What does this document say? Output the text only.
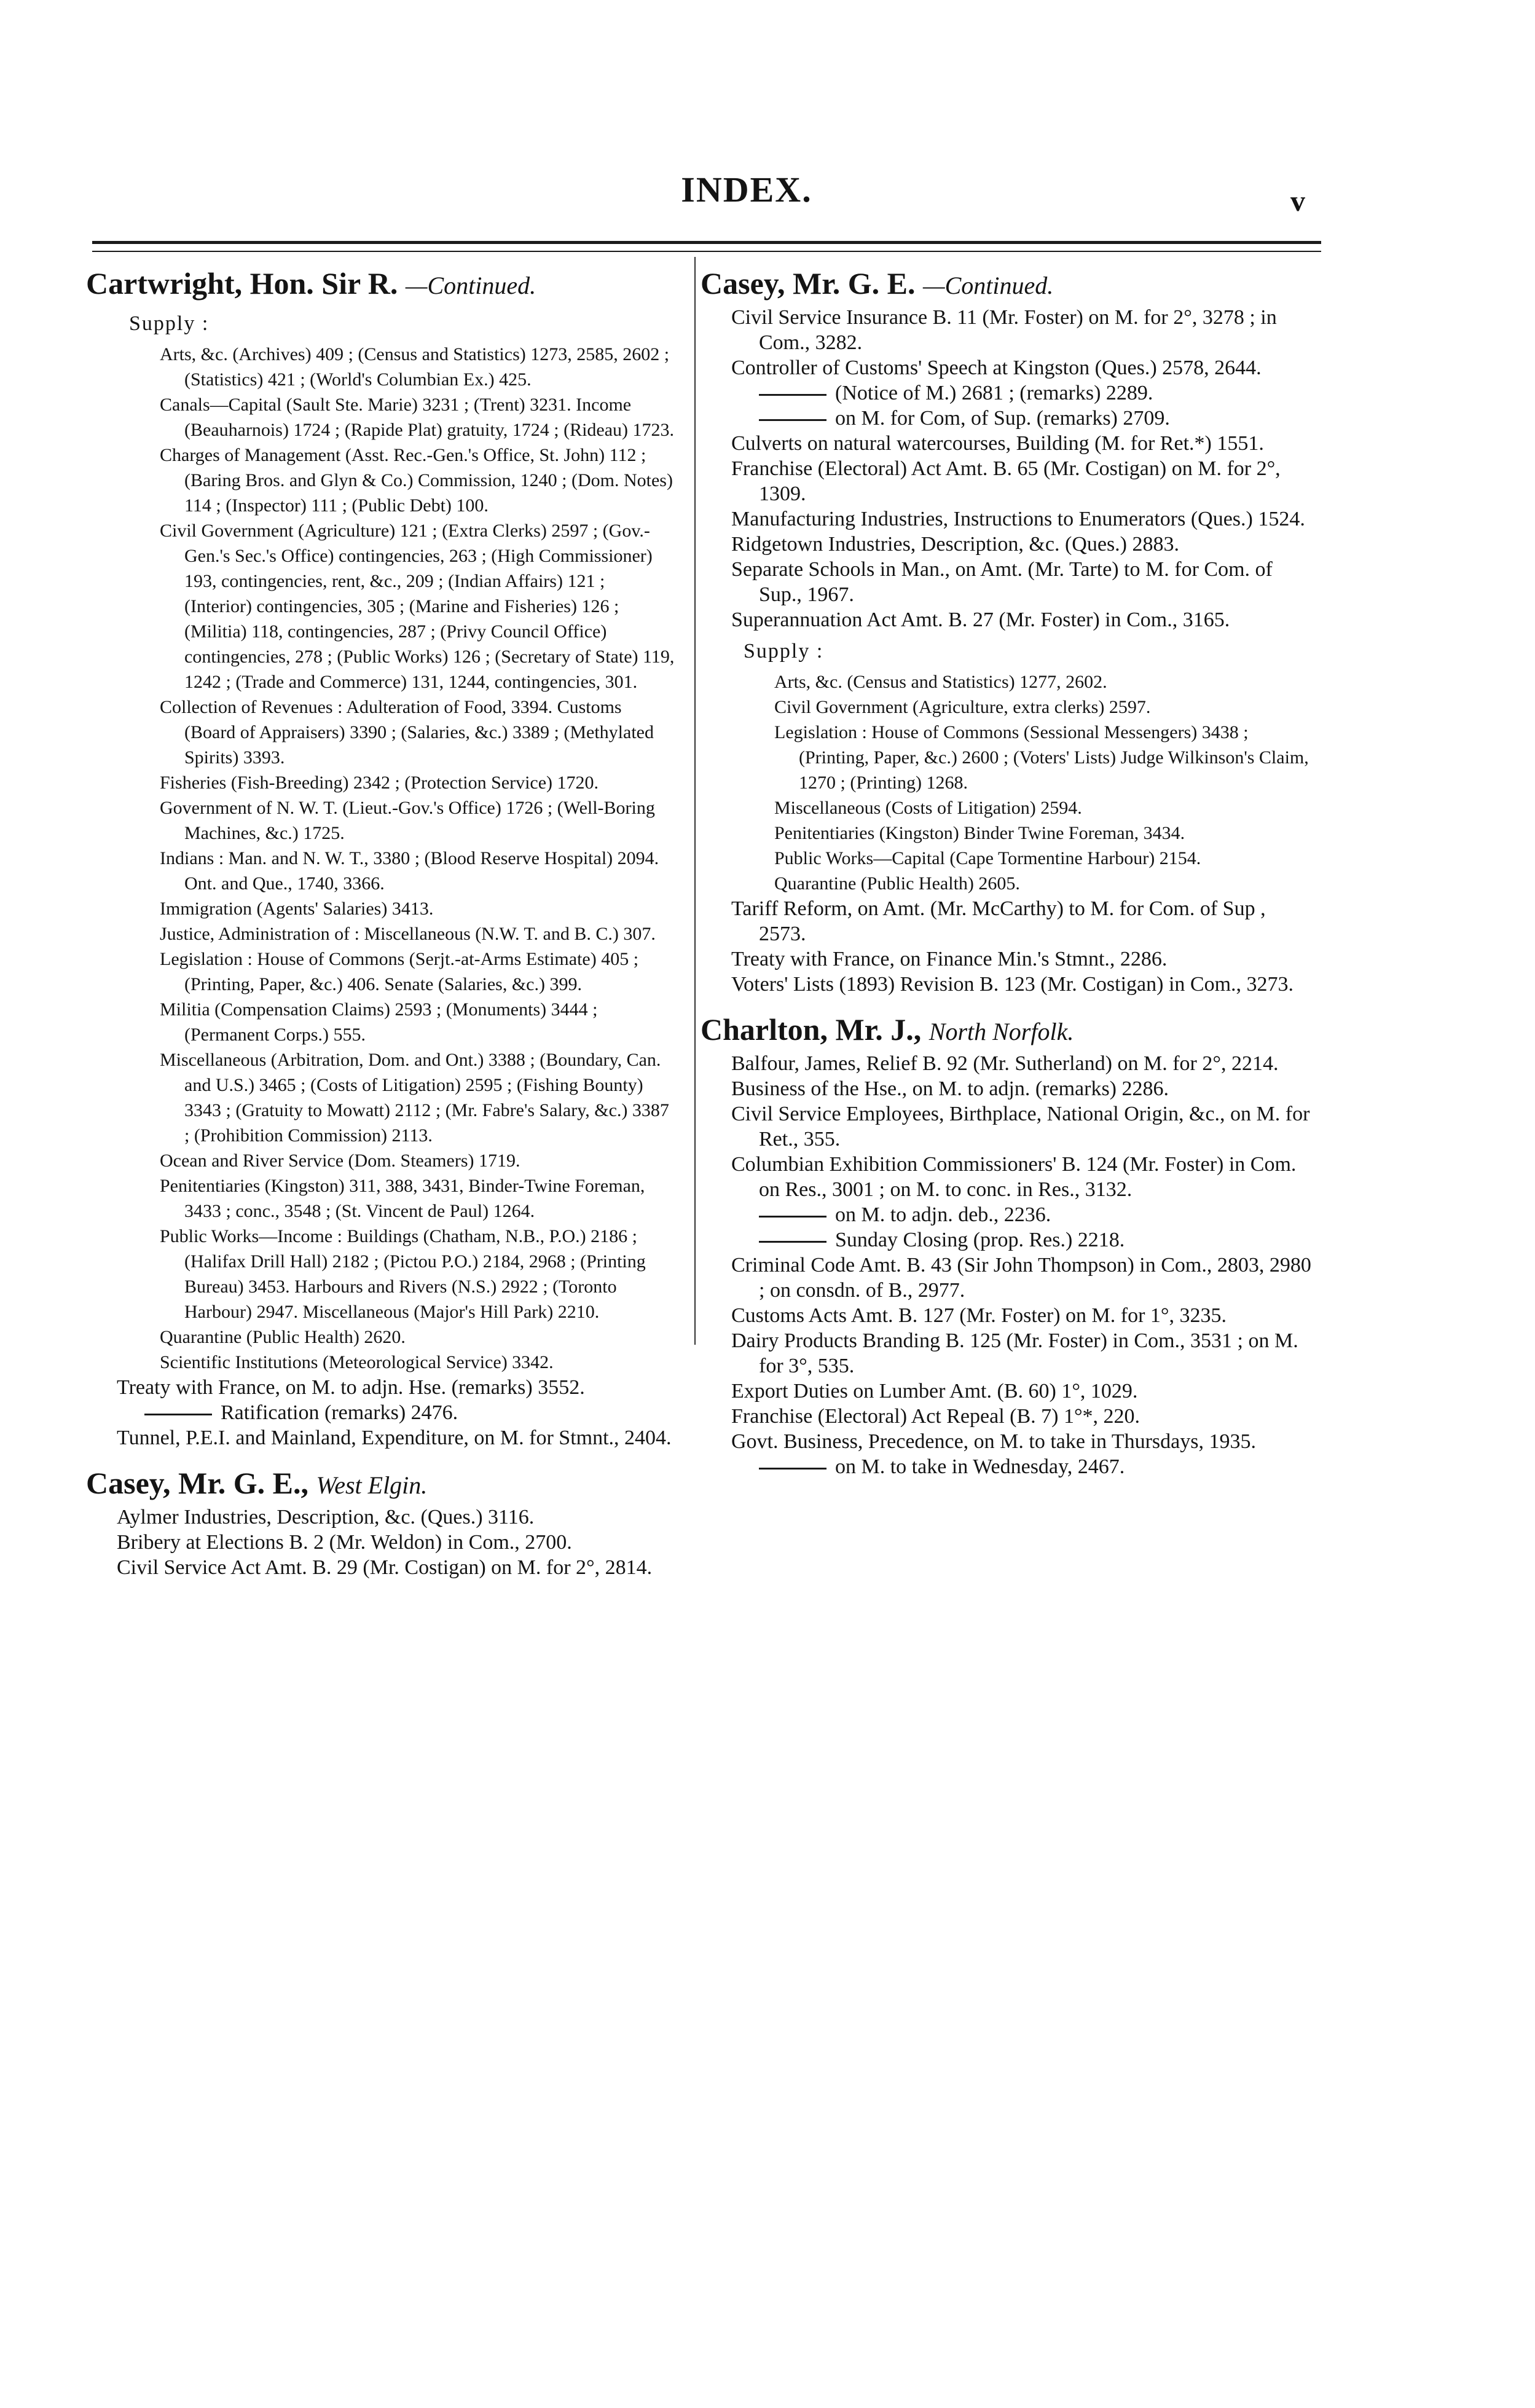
INDEX.	v
Cartwright, Hon. Sir R. —Continued.
Supply :
Arts, &c. (Archives) 409 ; (Census and Statistics) 1273, 2585, 2602 ; (Statistics) 421 ; (World's Columbian Ex.) 425.
Canals—Capital (Sault Ste. Marie) 3231 ; (Trent) 3231. Income (Beauharnois) 1724 ; (Rapide Plat) gratuity, 1724 ; (Rideau) 1723.
Charges of Management (Asst. Rec.-Gen.'s Office, St. John) 112 ; (Baring Bros. and Glyn & Co.) Commission, 1240 ; (Dom. Notes) 114 ; (Inspector) 111 ; (Public Debt) 100.
Civil Government (Agriculture) 121 ; (Extra Clerks) 2597 ; (Gov.-Gen.'s Sec.'s Office) contingencies, 263 ; (High Commissioner) 193, contingencies, rent, &c., 209 ; (Indian Affairs) 121 ; (Interior) contingencies, 305 ; (Marine and Fisheries) 126 ; (Militia) 118, contingencies, 287 ; (Privy Council Office) contingencies, 278 ; (Public Works) 126 ; (Secretary of State) 119, 1242 ; (Trade and Commerce) 131, 1244, contingencies, 301.
Collection of Revenues : Adulteration of Food, 3394. Customs (Board of Appraisers) 3390 ; (Salaries, &c.) 3389 ; (Methylated Spirits) 3393.
Fisheries (Fish-Breeding) 2342 ; (Protection Service) 1720.
Government of N. W. T. (Lieut.-Gov.'s Office) 1726 ; (Well-Boring Machines, &c.) 1725.
Indians : Man. and N. W. T., 3380 ; (Blood Reserve Hospital) 2094. Ont. and Que., 1740, 3366.
Immigration (Agents' Salaries) 3413.
Justice, Administration of : Miscellaneous (N.W. T. and B. C.) 307.
Legislation : House of Commons (Serjt.-at-Arms Estimate) 405 ; (Printing, Paper, &c.) 406. Senate (Salaries, &c.) 399.
Militia (Compensation Claims) 2593 ; (Monuments) 3444 ; (Permanent Corps.) 555.
Miscellaneous (Arbitration, Dom. and Ont.) 3388 ; (Boundary, Can. and U.S.) 3465 ; (Costs of Litigation) 2595 ; (Fishing Bounty) 3343 ; (Gratuity to Mowatt) 2112 ; (Mr. Fabre's Salary, &c.) 3387 ; (Prohibition Commission) 2113.
Ocean and River Service (Dom. Steamers) 1719.
Penitentiaries (Kingston) 311, 388, 3431, Binder-Twine Foreman, 3433 ; conc., 3548 ; (St. Vincent de Paul) 1264.
Public Works—Income : Buildings (Chatham, N.B., P.O.) 2186 ; (Halifax Drill Hall) 2182 ; (Pictou P.O.) 2184, 2968 ; (Printing Bureau) 3453. Harbours and Rivers (N.S.) 2922 ; (Toronto Harbour) 2947. Miscellaneous (Major's Hill Park) 2210.
Quarantine (Public Health) 2620.
Scientific Institutions (Meteorological Service) 3342.
Treaty with France, on M. to adjn. Hse. (remarks) 3552.
Ratification (remarks) 2476.
Tunnel, P.E.I. and Mainland, Expenditure, on M. for Stmnt., 2404.
Casey, Mr. G. E., West Elgin.
Aylmer Industries, Description, &c. (Ques.) 3116.
Bribery at Elections B. 2 (Mr. Weldon) in Com., 2700.
Civil Service Act Amt. B. 29 (Mr. Costigan) on M. for 2°, 2814.
Casey, Mr. G. E. —Continued.
Civil Service Insurance B. 11 (Mr. Foster) on M. for 2°, 3278 ; in Com., 3282.
Controller of Customs' Speech at Kingston (Ques.) 2578, 2644.
(Notice of M.) 2681 ; (remarks) 2289.
on M. for Com, of Sup. (remarks) 2709.
Culverts on natural watercourses, Building (M. for Ret.*) 1551.
Franchise (Electoral) Act Amt. B. 65 (Mr. Costigan) on M. for 2°, 1309.
Manufacturing Industries, Instructions to Enumerators (Ques.) 1524.
Ridgetown Industries, Description, &c. (Ques.) 2883.
Separate Schools in Man., on Amt. (Mr. Tarte) to M. for Com. of Sup., 1967.
Superannuation Act Amt. B. 27 (Mr. Foster) in Com., 3165.
Supply :
Arts, &c. (Census and Statistics) 1277, 2602.
Civil Government (Agriculture, extra clerks) 2597.
Legislation : House of Commons (Sessional Messengers) 3438 ; (Printing, Paper, &c.) 2600 ; (Voters' Lists) Judge Wilkinson's Claim, 1270 ; (Printing) 1268.
Miscellaneous (Costs of Litigation) 2594.
Penitentiaries (Kingston) Binder Twine Foreman, 3434.
Public Works—Capital (Cape Tormentine Harbour) 2154.
Quarantine (Public Health) 2605.
Tariff Reform, on Amt. (Mr. McCarthy) to M. for Com. of Sup , 2573.
Treaty with France, on Finance Min.'s Stmnt., 2286.
Voters' Lists (1893) Revision B. 123 (Mr. Costigan) in Com., 3273.
Charlton, Mr. J., North Norfolk.
Balfour, James, Relief B. 92 (Mr. Sutherland) on M. for 2°, 2214.
Business of the Hse., on M. to adjn. (remarks) 2286.
Civil Service Employees, Birthplace, National Origin, &c., on M. for Ret., 355.
Columbian Exhibition Commissioners' B. 124 (Mr. Foster) in Com. on Res., 3001 ; on M. to conc. in Res., 3132.
on M. to adjn. deb., 2236.
Sunday Closing (prop. Res.) 2218.
Criminal Code Amt. B. 43 (Sir John Thompson) in Com., 2803, 2980 ; on consdn. of B., 2977.
Customs Acts Amt. B. 127 (Mr. Foster) on M. for 1°, 3235.
Dairy Products Branding B. 125 (Mr. Foster) in Com., 3531 ; on M. for 3°, 535.
Export Duties on Lumber Amt. (B. 60) 1°, 1029.
Franchise (Electoral) Act Repeal (B. 7) 1°*, 220.
Govt. Business, Precedence, on M. to take in Thursdays, 1935.
on M. to take in Wednesday, 2467.
